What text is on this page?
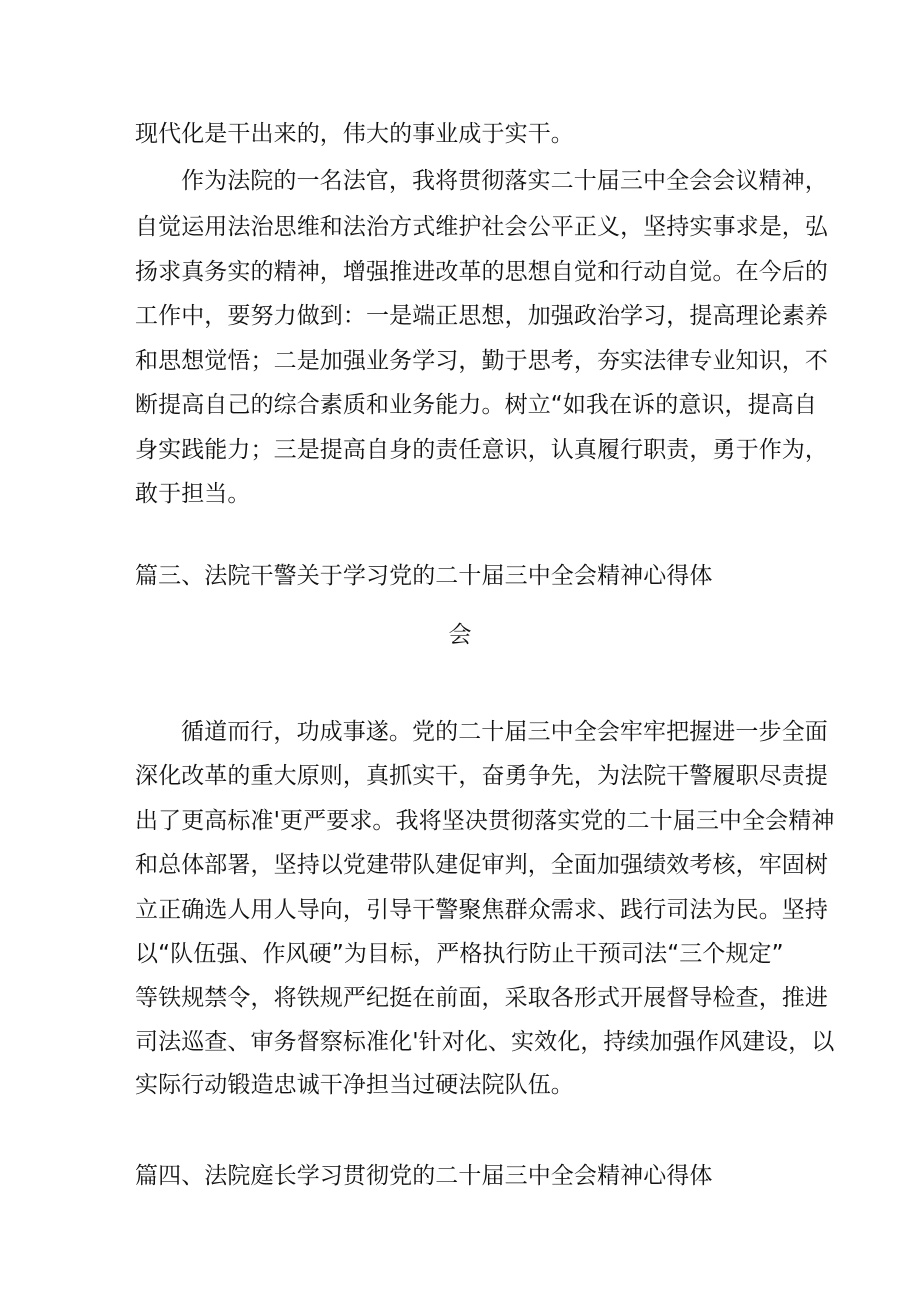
现代化是干出来的，伟大的事业成于实干。
作为法院的一名法官，我将贯彻落实二十届三中全会会议精神，
自觉运用法治思维和法治方式维护社会公平正义，坚持实事求是，弘
扬求真务实的精神，增强推进改革的思想自觉和行动自觉。在今后的
工作中，要努力做到：一是端正思想，加强政治学习，提高理论素养
和思想觉悟；二是加强业务学习，勤于思考，夯实法律专业知识，不
断提高自己的综合素质和业务能力。树立“如我在诉的意识，提高自
身实践能力；三是提高自身的责任意识，认真履行职责，勇于作为，
敢于担当。
篇三、法院干警关于学习党的二十届三中全会精神心得体
会
循道而行，功成事遂。党的二十届三中全会牢牢把握进一步全面
深化改革的重大原则，真抓实干，奋勇争先，为法院干警履职尽责提
出了更高标准'更严要求。我将坚决贯彻落实党的二十届三中全会精神
和总体部署，坚持以党建带队建促审判，全面加强绩效考核，牢固树
立正确选人用人导向，引导干警聚焦群众需求、践行司法为民。坚持
以“队伍强、作风硬”为目标，严格执行防止干预司法“三个规定”
等铁规禁令，将铁规严纪挺在前面，采取各形式开展督导检查，推进
司法巡查、审务督察标准化'针对化、实效化，持续加强作风建设，以
实际行动锻造忠诚干净担当过硬法院队伍。
篇四、法院庭长学习贯彻党的二十届三中全会精神心得体
